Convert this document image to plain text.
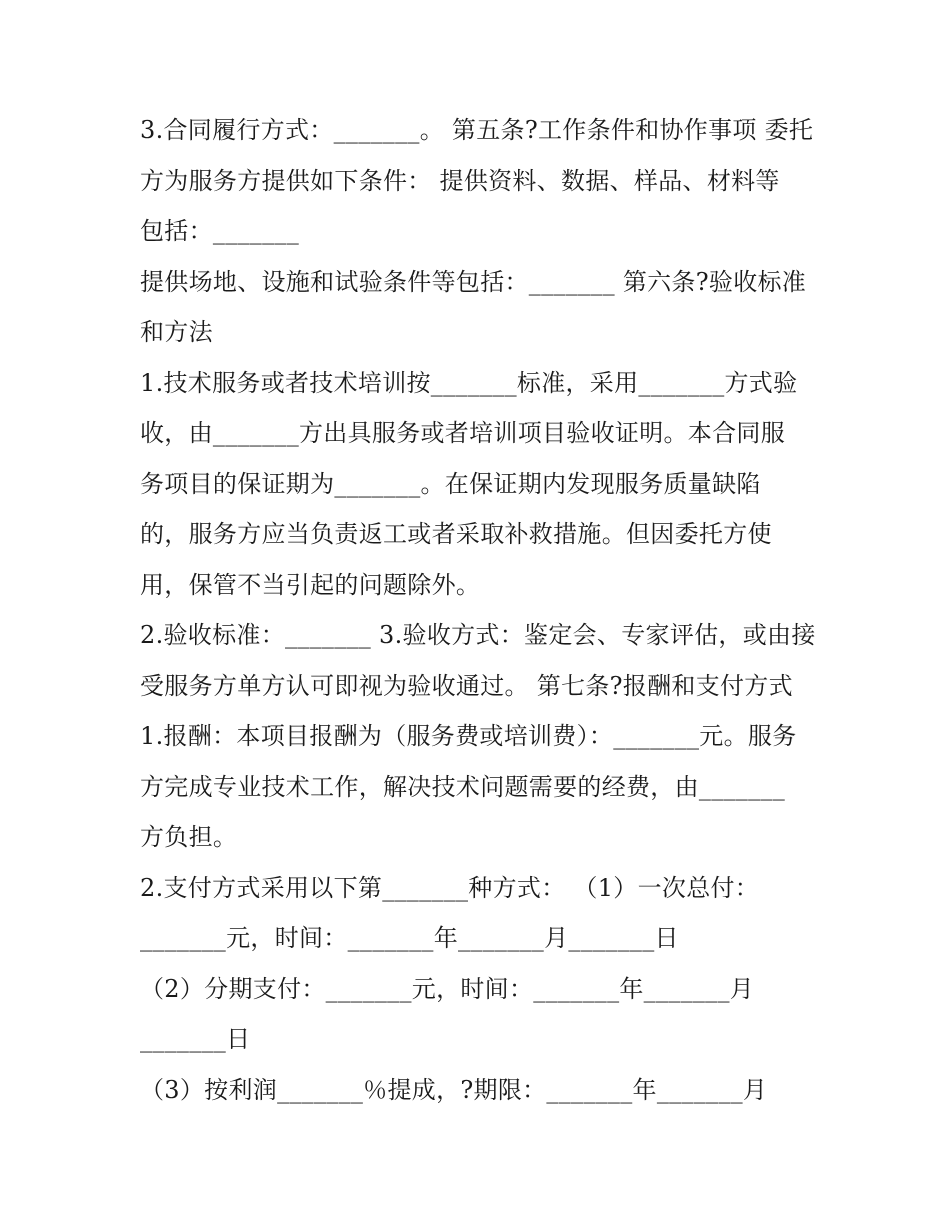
3.合同履行方式：_______。 第五条?工作条件和协作事项 委托

方为服务方提供如下条件： 提供资料、数据、样品、材料等

包括：_______

提供场地、设施和试验条件等包括：_______ 第六条?验收标准

和方法

1.技术服务或者技术培训按_______标准，采用_______方式验

收，由_______方出具服务或者培训项目验收证明。本合同服

务项目的保证期为_______。在保证期内发现服务质量缺陷

的，服务方应当负责返工或者采取补救措施。但因委托方使

用，保管不当引起的问题除外。

2.验收标准：_______ 3.验收方式：鉴定会、专家评估，或由接

受服务方单方认可即视为验收通过。 第七条?报酬和支付方式

1.报酬：本项目报酬为（服务费或培训费）：_______元。服务

方完成专业技术工作，解决技术问题需要的经费，由_______

方负担。

2.支付方式采用以下第_______种方式： （1）一次总付：

_______元，时间：_______年_______月_______日

（2）分期支付：_______元，时间：_______年_______月

_______日

（3）按利润_______％提成，?期限：_______年_______月
